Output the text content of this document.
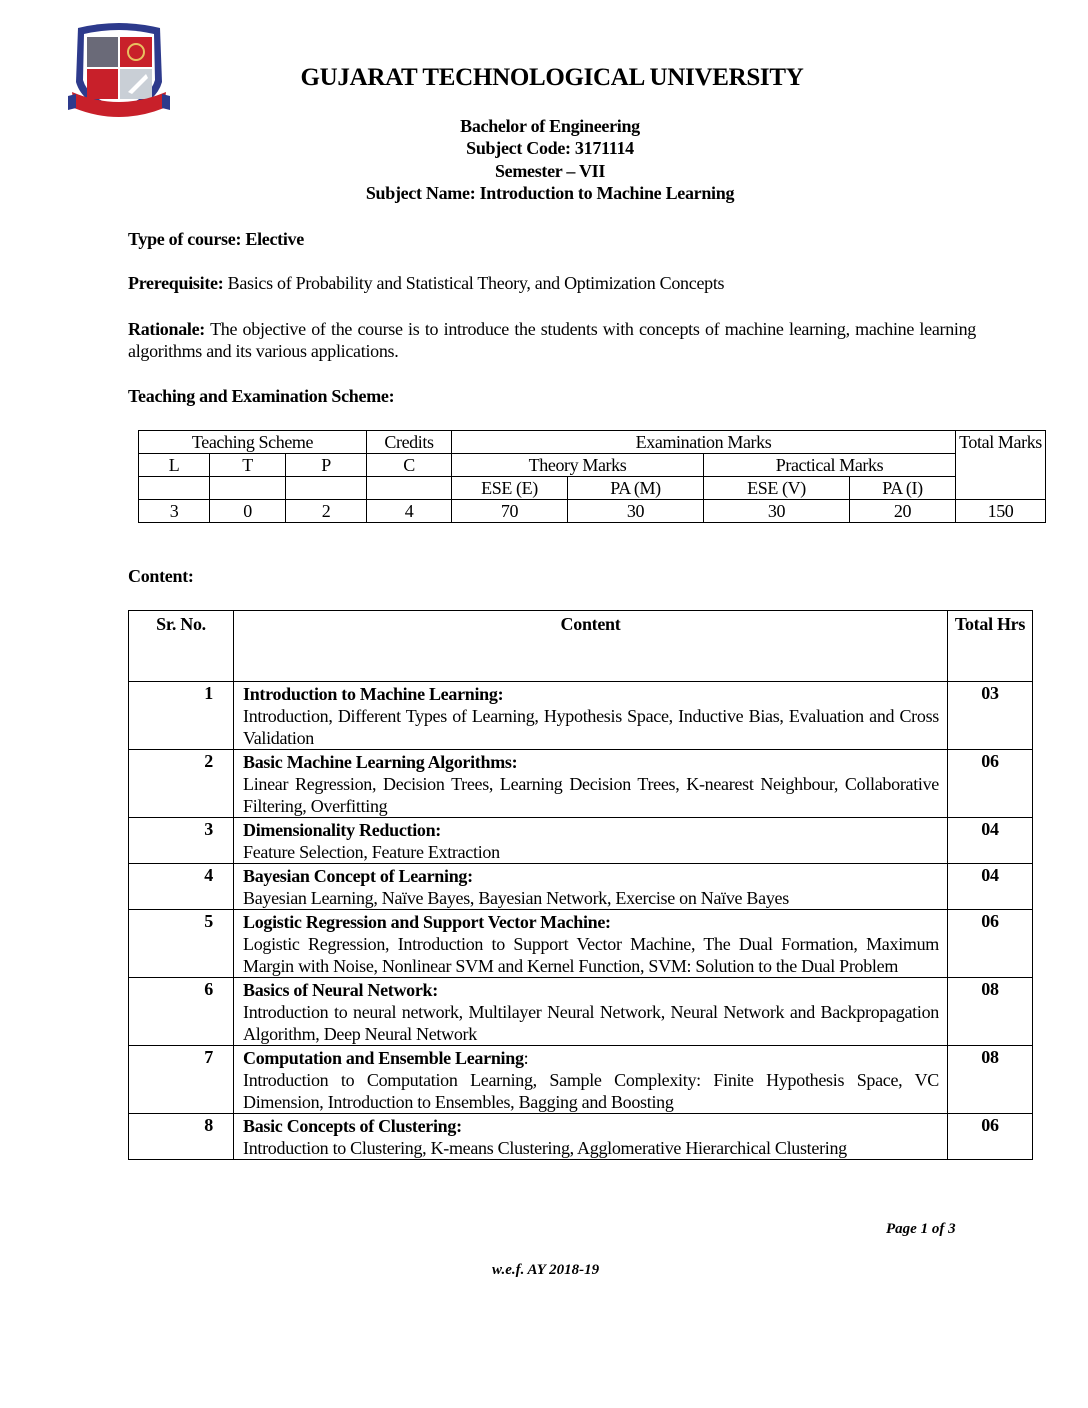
GUJARAT TECHNOLOGICAL UNIVERSITY
Bachelor of Engineering
Subject Code: 3171114
Semester – VII
Subject Name: Introduction to Machine Learning
Type of course: Elective
Prerequisite: Basics of Probability and Statistical Theory, and Optimization Concepts
Rationale: The objective of the course is to introduce the students with concepts of machine learning, machine learning algorithms and its various applications.
Teaching and Examination Scheme:
Teaching Scheme			Credits	Examination Marks				Total Marks
L	T	P	C	Theory Marks		Practical Marks		
				ESE (E)	PA (M)	ESE (V)	PA (I)	
3	0	2	4	70	30	30	20	150
Content:
Sr. No.	Content	Total Hrs
1	Introduction to Machine Learning:
Introduction, Different Types of Learning, Hypothesis Space, Inductive Bias, Evaluation and Cross Validation	03
2	Basic Machine Learning Algorithms:
Linear Regression, Decision Trees, Learning Decision Trees, K-nearest Neighbour, Collaborative Filtering, Overfitting	06
3	Dimensionality Reduction:
Feature Selection, Feature Extraction	04
4	Bayesian Concept of Learning:
Bayesian Learning, Naïve Bayes, Bayesian Network, Exercise on Naïve Bayes	04
5	Logistic Regression and Support Vector Machine:
Logistic Regression, Introduction to Support Vector Machine, The Dual Formation, Maximum Margin with Noise, Nonlinear SVM and Kernel Function, SVM: Solution to the Dual Problem	06
6	Basics of Neural Network:
Introduction to neural network, Multilayer Neural Network, Neural Network and Backpropagation Algorithm, Deep Neural Network	08
7	Computation and Ensemble Learning:
Introduction to Computation Learning, Sample Complexity: Finite Hypothesis Space, VC Dimension, Introduction to Ensembles, Bagging and Boosting	08
8	Basic Concepts of Clustering:
Introduction to Clustering, K-means Clustering, Agglomerative Hierarchical Clustering	06
Page 1 of 3
w.e.f. AY 2018-19
